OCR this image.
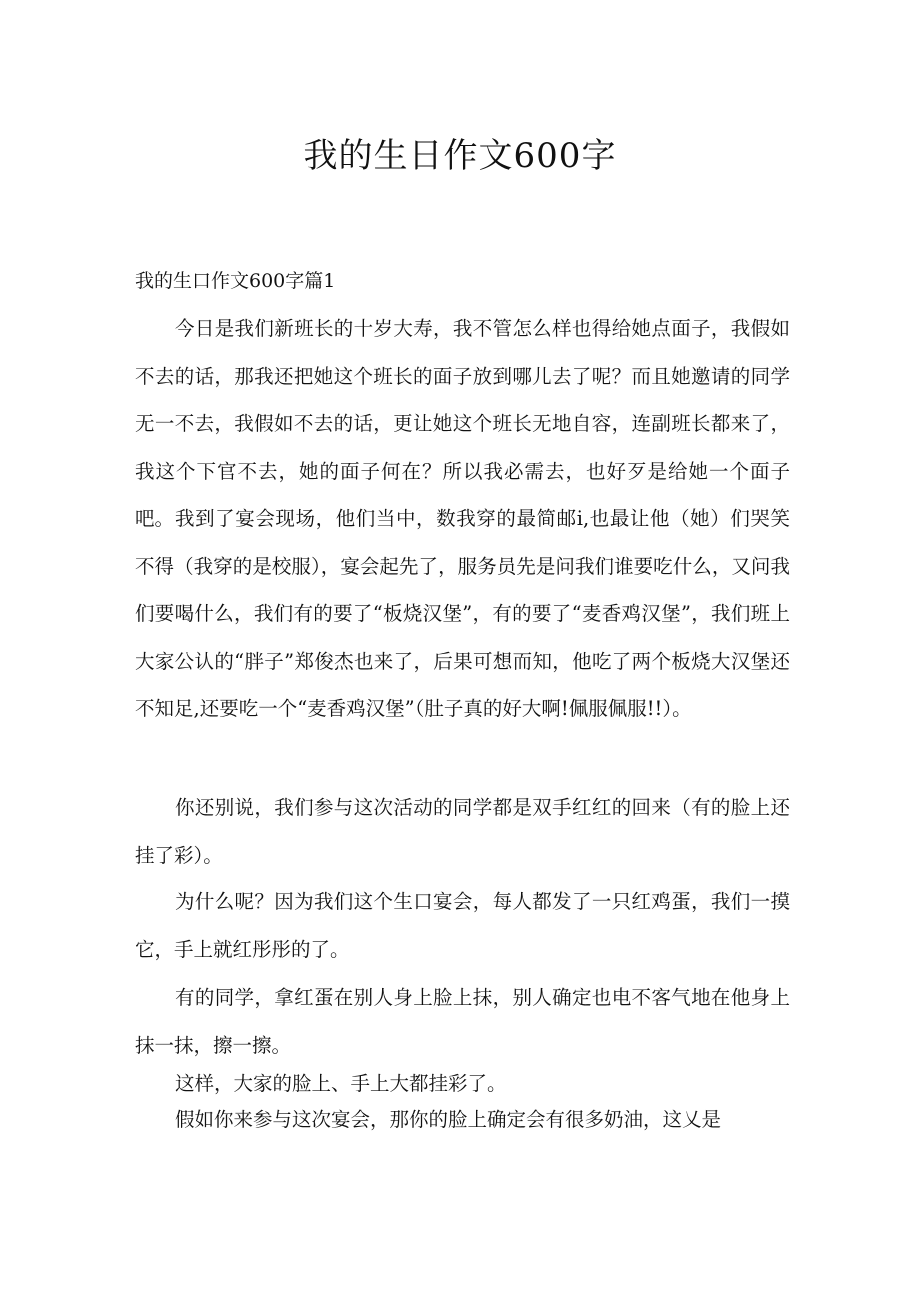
我的生日作文600字
我的生口作文600字篇1

今日是我们新班长的十岁大寿，我不管怎么样也得给她点面子，我假如不去的话，那我还把她这个班长的面子放到哪儿去了呢？而且她邀请的同学无一不去，我假如不去的话，更让她这个班长无地自容，连副班长都来了，我这个下官不去，她的面子何在？所以我必需去，也好歹是给她一个面子吧。 我到了宴会现场，他们当中，数我穿的最简邮i,也最让他（她）们哭笑不得（我穿的是校服），宴会起先了，服务员先是问我们谁要吃什么，又问我们要喝什么，我们有的要了“板烧汉堡”，有的要了“麦香鸡汉堡”，我们班上大家公认的“胖子”郑俊杰也来了，后果可想而知，他吃了两个板烧大汉堡还不知足,还要吃一个“麦香鸡汉堡”（肚子真的好大啊!佩服佩服!!）。

你还别说，我们参与这次活动的同学都是双手红红的回来（有的脸上还挂了彩）。

为什么呢？因为我们这个生口宴会，每人都发了一只红鸡蛋，我们一摸它，手上就红彤彤的了。

有的同学，拿红蛋在别人身上脸上抹，别人确定也电不客气地在他身上抹一抹，擦一擦。

这样，大家的脸上、手上大都挂彩了。

假如你来参与这次宴会，那你的脸上确定会有很多奶油，这乂是
